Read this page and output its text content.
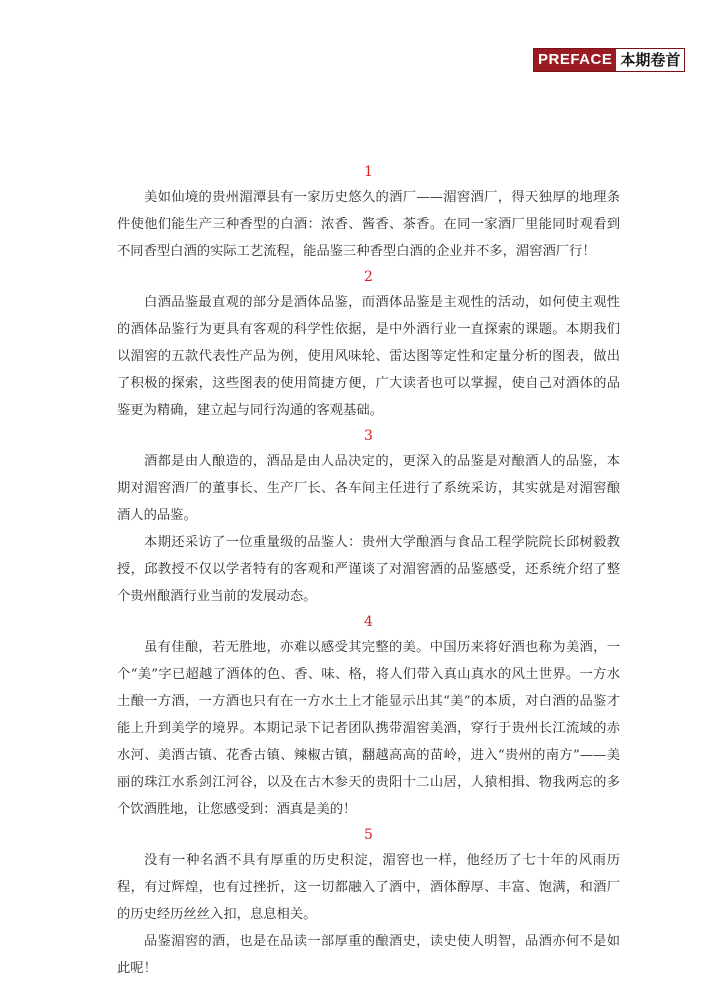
PREFACE 本期卷首
1

美如仙境的贵州湄潭县有一家历史悠久的酒厂——湄窖酒厂，得天独厚的地理条件使他们能生产三种香型的白酒：浓香、酱香、茶香。在同一家酒厂里能同时观看到不同香型白酒的实际工艺流程，能品鉴三种香型白酒的企业并不多，湄窖酒厂行！

2

白酒品鉴最直观的部分是酒体品鉴，而酒体品鉴是主观性的活动，如何使主观性的酒体品鉴行为更具有客观的科学性依据，是中外酒行业一直探索的课题。本期我们以湄窖的五款代表性产品为例，使用风味轮、雷达图等定性和定量分析的图表，做出了积极的探索，这些图表的使用简捷方便，广大读者也可以掌握，使自己对酒体的品鉴更为精确，建立起与同行沟通的客观基础。

3

酒都是由人酿造的，酒品是由人品决定的，更深入的品鉴是对酿酒人的品鉴，本期对湄窖酒厂的董事长、生产厂长、各车间主任进行了系统采访，其实就是对湄窖酿酒人的品鉴。

本期还采访了一位重量级的品鉴人：贵州大学酿酒与食品工程学院院长邱树毅教授，邱教授不仅以学者特有的客观和严谨谈了对湄窖酒的品鉴感受，还系统介绍了整个贵州酿酒行业当前的发展动态。

4

虽有佳酿，若无胜地，亦难以感受其完整的美。中国历来将好酒也称为美酒，一个“美”字已超越了酒体的色、香、味、格，将人们带入真山真水的风土世界。一方水土酿一方酒，一方酒也只有在一方水土上才能显示出其“美”的本质，对白酒的品鉴才能上升到美学的境界。本期记录下记者团队携带湄窖美酒，穿行于贵州长江流域的赤水河、美酒古镇、花香古镇、辣椒古镇，翻越高高的苗岭，进入“贵州的南方”——美丽的珠江水系剑江河谷，以及在古木参天的贵阳十二山居，人猿相揖、物我两忘的多个饮酒胜地，让您感受到：酒真是美的！

5

没有一种名酒不具有厚重的历史积淀，湄窖也一样，他经历了七十年的风雨历程，有过辉煌，也有过挫折，这一切都融入了酒中，酒体醇厚、丰富、饱满，和酒厂的历史经历丝丝入扣，息息相关。

品鉴湄窖的酒，也是在品读一部厚重的酿酒史，读史使人明智，品酒亦何不是如此呢！
